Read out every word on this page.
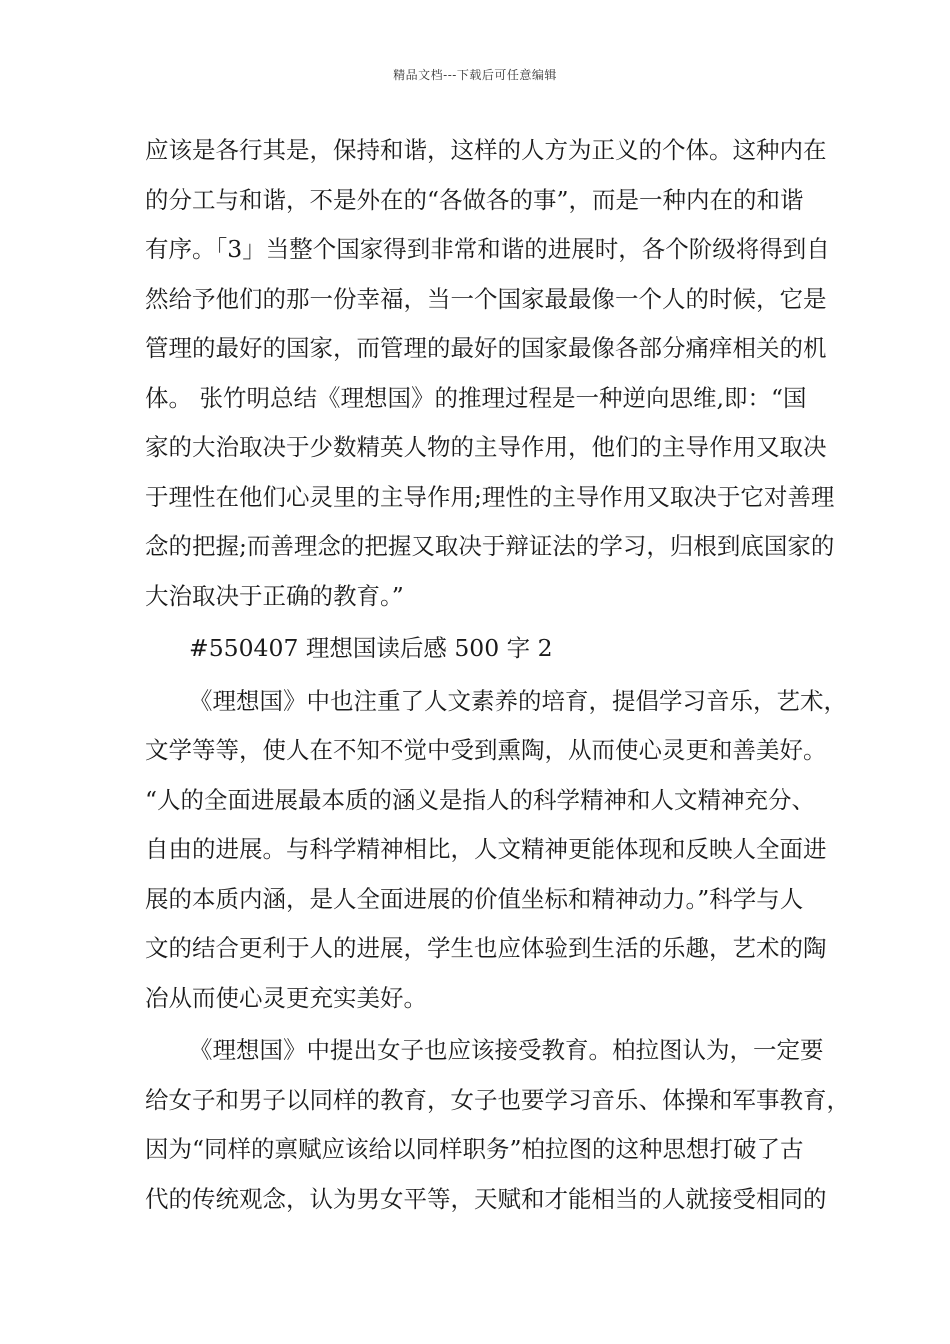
精品文档---下载后可任意编辑
应该是各行其是，保持和谐，这样的人方为正义的个体。这种内在
的分工与和谐，不是外在的“各做各的事”，而是一种内在的和谐
有序。「3」当整个国家得到非常和谐的进展时，各个阶级将得到自
然给予他们的那一份幸福，当一个国家最最像一个人的时候，它是
管理的最好的国家，而管理的最好的国家最像各部分痛痒相关的机
体。 张竹明总结《理想国》的推理过程是一种逆向思维,即：“国
家的大治取决于少数精英人物的主导作用，他们的主导作用又取决
于理性在他们心灵里的主导作用;理性的主导作用又取决于它对善理
念的把握;而善理念的把握又取决于辩证法的学习，归根到底国家的
大治取决于正确的教育。”
#550407 理想国读后感 500 字 2
《理想国》中也注重了人文素养的培育，提倡学习音乐，艺术，
文学等等，使人在不知不觉中受到熏陶，从而使心灵更和善美好。
“人的全面进展最本质的涵义是指人的科学精神和人文精神充分、
自由的进展。与科学精神相比，人文精神更能体现和反映人全面进
展的本质内涵，是人全面进展的价值坐标和精神动力。”科学与人
文的结合更利于人的进展，学生也应体验到生活的乐趣，艺术的陶
冶从而使心灵更充实美好。
《理想国》中提出女子也应该接受教育。柏拉图认为，一定要
给女子和男子以同样的教育，女子也要学习音乐、体操和军事教育，
因为“同样的禀赋应该给以同样职务”柏拉图的这种思想打破了古
代的传统观念，认为男女平等，天赋和才能相当的人就接受相同的
